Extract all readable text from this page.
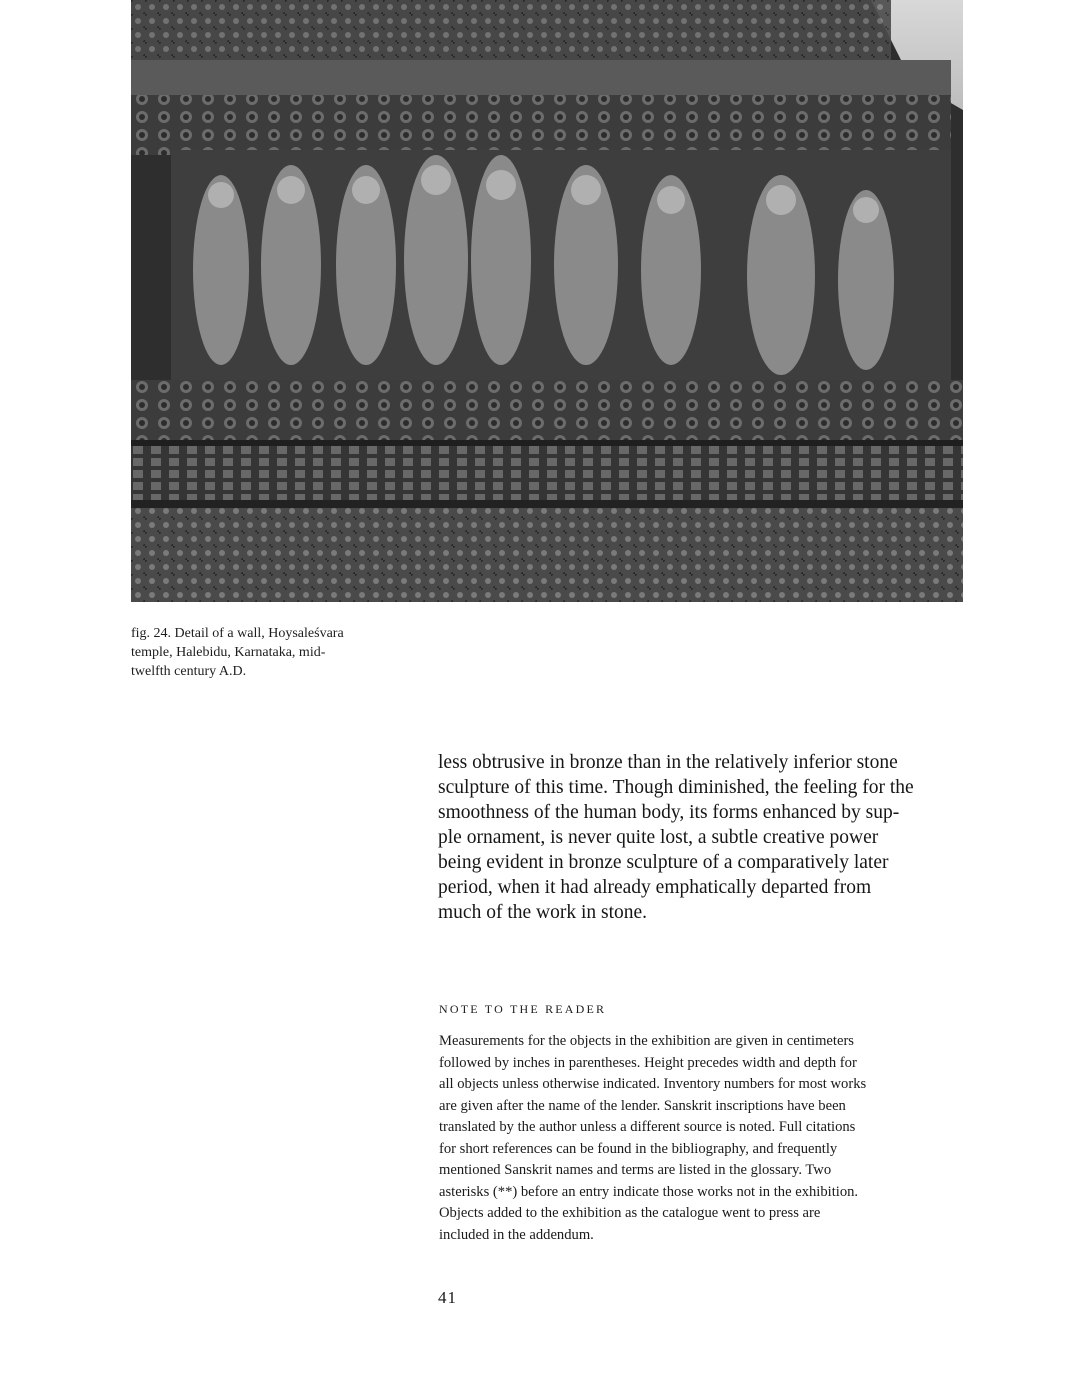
fig. 24. Detail of a wall, Hoysaleśvara
temple, Halebidu, Karnataka, mid-
twelfth century A.D.

less obtrusive in bronze than in the relatively inferior stone

sculpture of this time. Though diminished, the feeling for the

smoothness of the human body, its forms enhanced by sup-

ple ornament, is never quite lost, a subtle creative power

being evident in bronze sculpture of a comparatively later

period, when it had already emphatically departed from

much of the work in stone.

NOTE TO THE READER

Measurements for the objects in the exhibition are given in centimeters

followed by inches in parentheses. Height precedes width and depth for

all objects unless otherwise indicated. Inventory numbers for most works

are given after the name of the lender. Sanskrit inscriptions have been

translated by the author unless a different source is noted. Full citations

for short references can be found in the bibliography, and frequently

mentioned Sanskrit names and terms are listed in the glossary. Two

asterisks (**) before an entry indicate those works not in the exhibition.

Objects added to the exhibition as the catalogue went to press are

included in the addendum.

41
